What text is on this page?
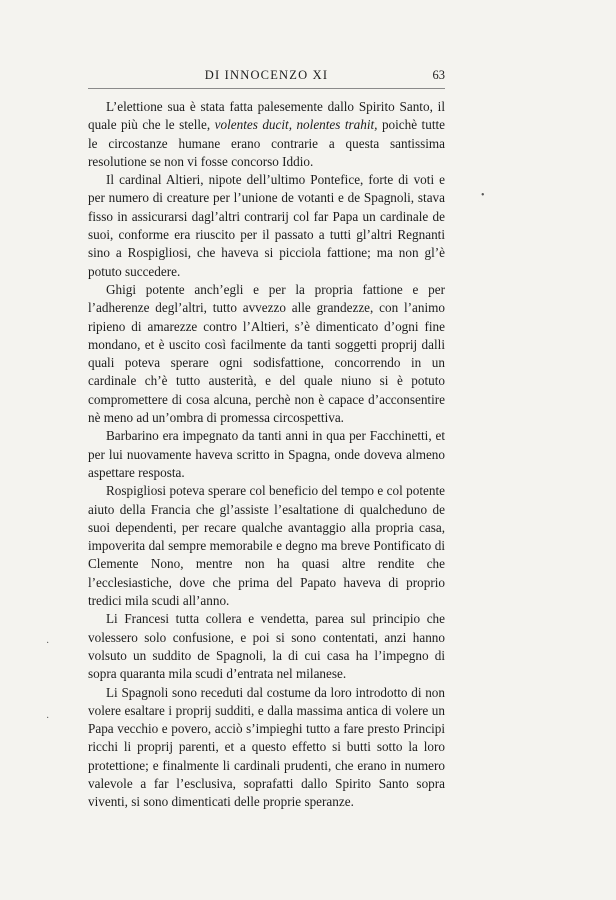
DI INNOCENZO XI	63

L’elettione sua è stata fatta palesemente dallo Spirito Santo, il quale più che le stelle, volentes ducit, nolentes trahit, poichè tutte le circostanze humane erano contrarie a questa santissima resolutione se non vi fosse concorso Iddio.

Il cardinal Altieri, nipote dell’ultimo Pontefice, forte di voti e per numero di creature per l’unione de votanti e de Spagnoli, stava fisso in assicurarsi dagl’altri contrarij col far Papa un cardinale de suoi, conforme era riuscito per il passato a tutti gl’altri Regnanti sino a Rospigliosi, che haveva si picciola fattione; ma non gl’è potuto succedere.

Ghigi potente anch’egli e per la propria fattione e per l’adherenze degl’altri, tutto avvezzo alle grandezze, con l’animo ripieno di amarezze contro l’Altieri, s’è dimenticato d’ogni fine mondano, et è uscito così facilmente da tanti soggetti proprij dalli quali poteva sperare ogni sodisfattione, concorrendo in un cardinale ch’è tutto austerità, e del quale niuno si è potuto compromettere di cosa alcuna, perchè non è capace d’acconsentire nè meno ad un’ombra di promessa circospettiva.

Barbarino era impegnato da tanti anni in qua per Facchinetti, et per lui nuovamente haveva scritto in Spagna, onde doveva almeno aspettare resposta.

Rospigliosi poteva sperare col beneficio del tempo e col potente aiuto della Francia che gl’assiste l’esaltatione di qualcheduno de suoi dependenti, per recare qualche avantaggio alla propria casa, impoverita dal sempre memorabile e degno ma breve Pontificato di Clemente Nono, mentre non ha quasi altre rendite che l’ecclesiastiche, dove che prima del Papato haveva di proprio tredici mila scudi all’anno.

Li Francesi tutta collera e vendetta, parea sul principio che volessero solo confusione, e poi si sono contentati, anzi hanno volsuto un suddito de Spagnoli, la di cui casa ha l’impegno di sopra quaranta mila scudi d’entrata nel milanese.

Li Spagnoli sono receduti dal costume da loro introdotto di non volere esaltare i proprij sudditi, e dalla massima antica di volere un Papa vecchio e povero, acciò s’impieghi tutto a fare presto Principi ricchi li proprij parenti, et a questo effetto si butti sotto la loro protettione; e finalmente li cardinali prudenti, che erano in numero valevole a far l’esclusiva, soprafatti dallo Spirito Santo sopra viventi, si sono dimenticati delle proprie speranze.

•
·
·
